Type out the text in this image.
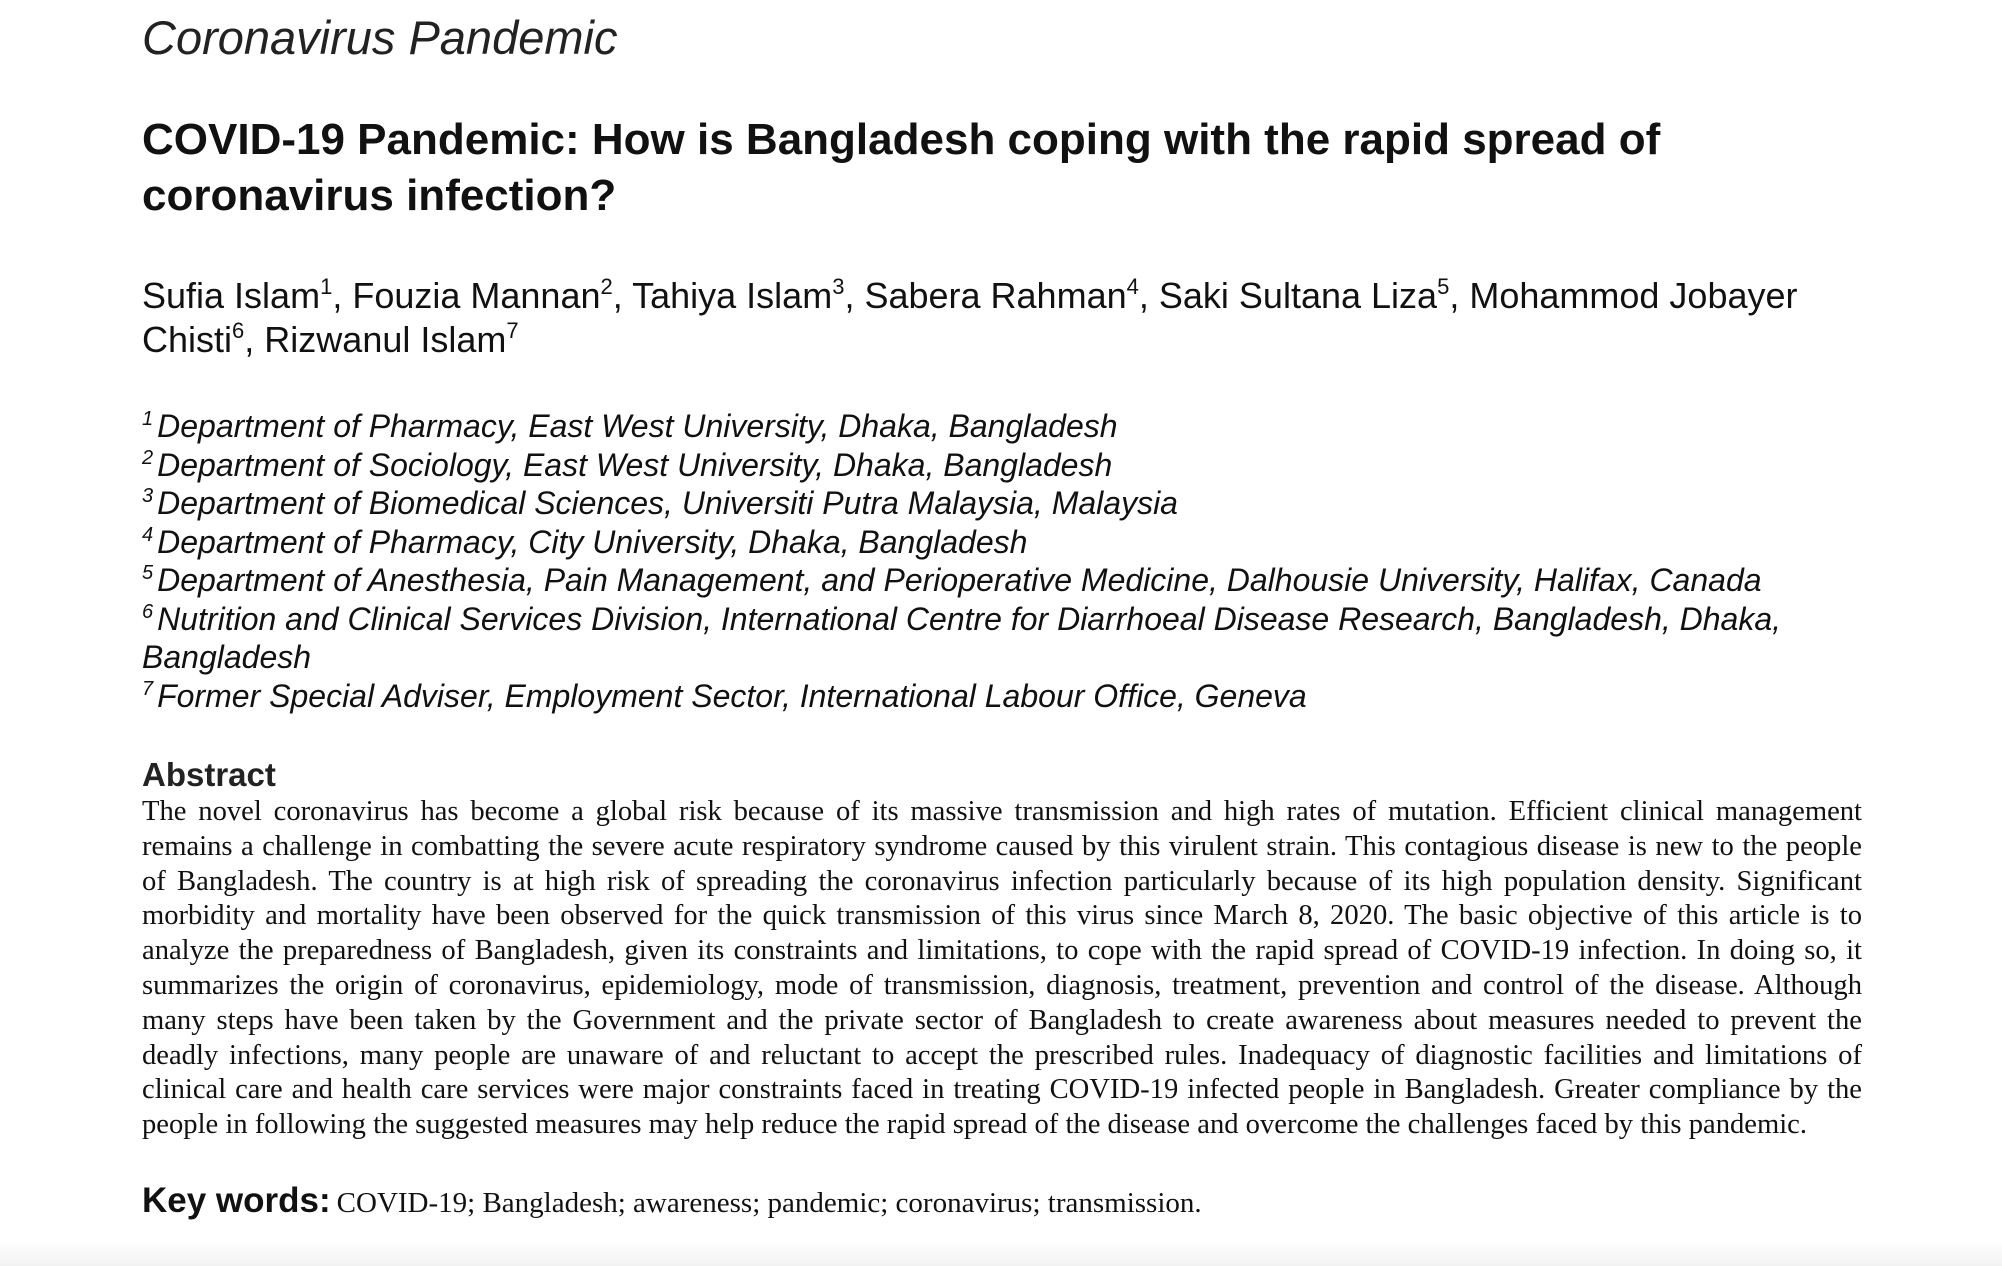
Coronavirus Pandemic

COVID-19 Pandemic: How is Bangladesh coping with the rapid spread of coronavirus infection?

Sufia Islam$^1$, Fouzia Mannan$^2$, Tahiya Islam$^3$, Sabera Rahman$^4$, Saki Sultana Liza$^5$, Mohammod Jobayer Chisti$^6$, Rizwanul Islam$^7$

$^1$ Department of Pharmacy, East West University, Dhaka, Bangladesh

$^2$ Department of Sociology, East West University, Dhaka, Bangladesh

$^3$ Department of Biomedical Sciences, Universiti Putra Malaysia, Malaysia

$^4$ Department of Pharmacy, City University, Dhaka, Bangladesh

$^5$ Department of Anesthesia, Pain Management, and Perioperative Medicine, Dalhousie University, Halifax, Canada

$^6$ Nutrition and Clinical Services Division, International Centre for Diarrhoeal Disease Research, Bangladesh, Dhaka, Bangladesh

$^7$ Former Special Adviser, Employment Sector, International Labour Office, Geneva

Abstract

The novel coronavirus has become a global risk because of its massive transmission and high rates of mutation. Efficient clinical management remains a challenge in combatting the severe acute respiratory syndrome caused by this virulent strain. This contagious disease is new to the people of Bangladesh. The country is at high risk of spreading the coronavirus infection particularly because of its high population density. Significant morbidity and mortality have been observed for the quick transmission of this virus since March 8, 2020. The basic objective of this article is to analyze the preparedness of Bangladesh, given its constraints and limitations, to cope with the rapid spread of COVID-19 infection. In doing so, it summarizes the origin of coronavirus, epidemiology, mode of transmission, diagnosis, treatment, prevention and control of the disease. Although many steps have been taken by the Government and the private sector of Bangladesh to create awareness about measures needed to prevent the deadly infections, many people are unaware of and reluctant to accept the prescribed rules. Inadequacy of diagnostic facilities and limitations of clinical care and health care services were major constraints faced in treating COVID-19 infected people in Bangladesh. Greater compliance by the people in following the suggested measures may help reduce the rapid spread of the disease and overcome the challenges faced by this pandemic.

Key words: COVID-19; Bangladesh; awareness; pandemic; coronavirus; transmission.
